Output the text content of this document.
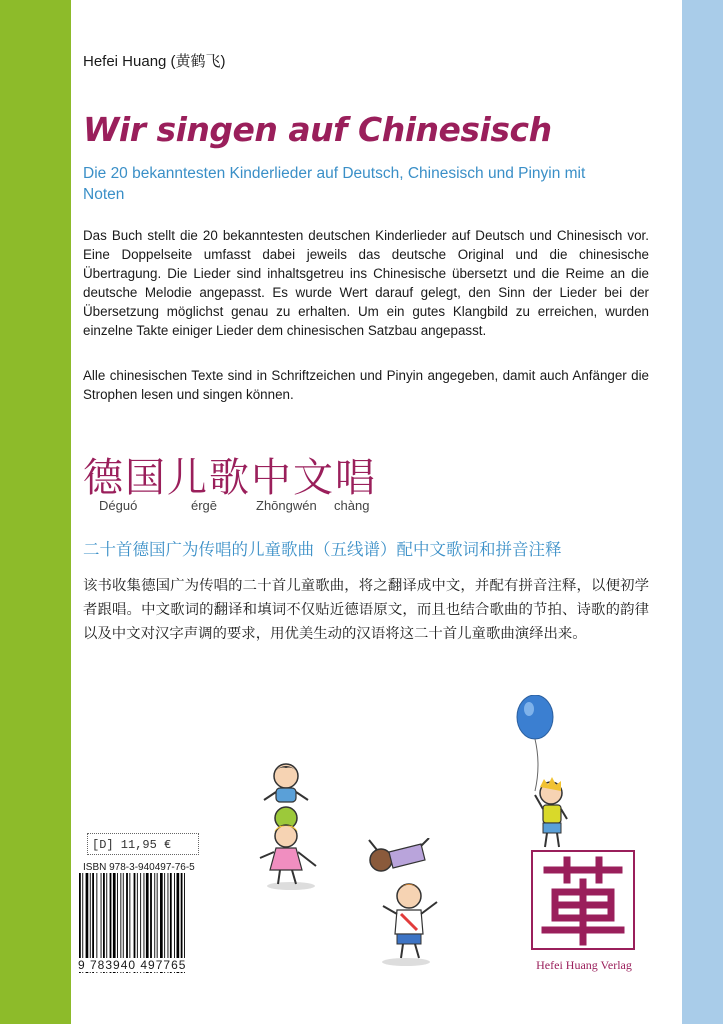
Hefei Huang (黄鹤飞)
Wir singen auf Chinesisch
Die 20 bekanntesten Kinderlieder auf Deutsch, Chinesisch und Pinyin mit Noten
Das Buch stellt die 20 bekanntesten deutschen Kinderlieder auf Deutsch und Chinesisch vor. Eine Doppelseite umfasst dabei jeweils das deutsche Original und die chinesische Übertragung. Die Lieder sind inhaltsgetreu ins Chinesische übersetzt und die Reime an die deutsche Melodie angepasst. Es wurde Wert darauf gelegt, den Sinn der Lieder bei der Übersetzung möglichst genau zu erhalten. Um ein gutes Klangbild zu erreichen, wurden einzelne Takte einiger Lieder dem chinesischen Satzbau angepasst.
Alle chinesischen Texte sind in Schriftzeichen und Pinyin angegeben, damit auch Anfänger die Strophen lesen und singen können.
德国儿歌中文唱
Déguó	érgē	Zhōngwén chàng
二十首德国广为传唱的儿童歌曲（五线谱）配中文歌词和拼音注释
该书收集德国广为传唱的二十首儿童歌曲，将之翻译成中文，并配有拼音注释，以便初学者跟唱。中文歌词的翻译和填词不仅贴近德语原文，而且也结合歌曲的节拍、诗歌的韵律以及中文对汉字声调的要求，用优美生动的汉语将这二十首儿童歌曲演绎出来。
[D] 11,95 €
ISBN 978-3-940497-76-5
9 783940 497765	Hefei Huang Verlag
